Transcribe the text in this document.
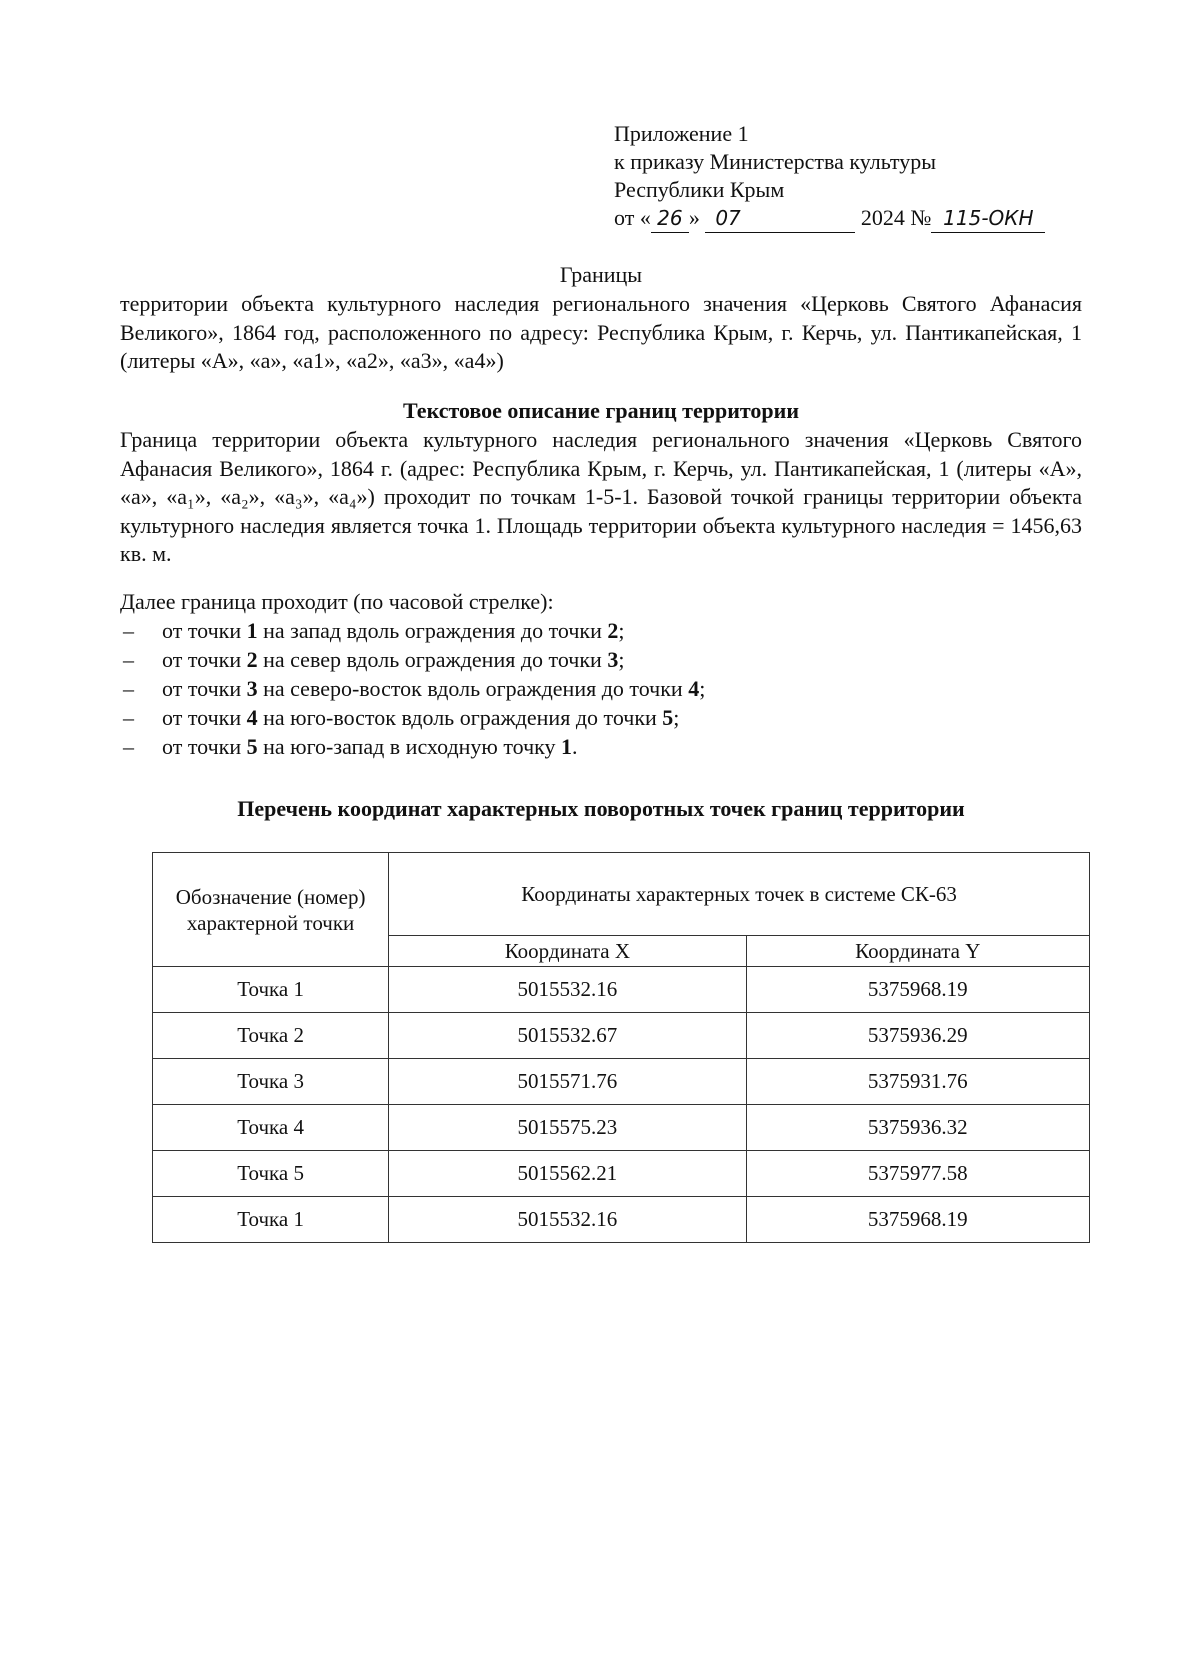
Приложение 1
к приказу Министерства культуры
Республики Крым
от « 26 » 07	2024 № 115-ОКН
Границы
территории объекта культурного наследия регионального значения «Церковь Святого Афанасия Великого», 1864 год, расположенного по адресу: Республика Крым, г. Керчь, ул. Пантикапейская, 1 (литеры «А», «а», «а1», «а2», «а3», «а4»)
Текстовое описание границ территории
Граница территории объекта культурного наследия регионального значения «Церковь Святого Афанасия Великого», 1864 г. (адрес: Республика Крым, г. Керчь, ул. Пантикапейская, 1 (литеры «А», «а», «а₁», «а₂», «а₃», «а₄») проходит по точкам 1-5-1. Базовой точкой границы территории объекта культурного наследия является точка 1. Площадь территории объекта культурного наследия = 1456,63 кв. м.
Далее граница проходит (по часовой стрелке):
– от точки 1 на запад вдоль ограждения до точки 2;
– от точки 2 на север вдоль ограждения до точки 3;
– от точки 3 на северо-восток вдоль ограждения до точки 4;
– от точки 4 на юго-восток вдоль ограждения до точки 5;
– от точки 5 на юго-запад в исходную точку 1.
Перечень координат характерных поворотных точек границ территории
Обозначение (номер) характерной точки	Координаты характерных точек в системе СК-63	
	Координата X	Координата Y
Точка 1	5015532.16	5375968.19
Точка 2	5015532.67	5375936.29
Точка 3	5015571.76	5375931.76
Точка 4	5015575.23	5375936.32
Точка 5	5015562.21	5375977.58
Точка 1	5015532.16	5375968.19
